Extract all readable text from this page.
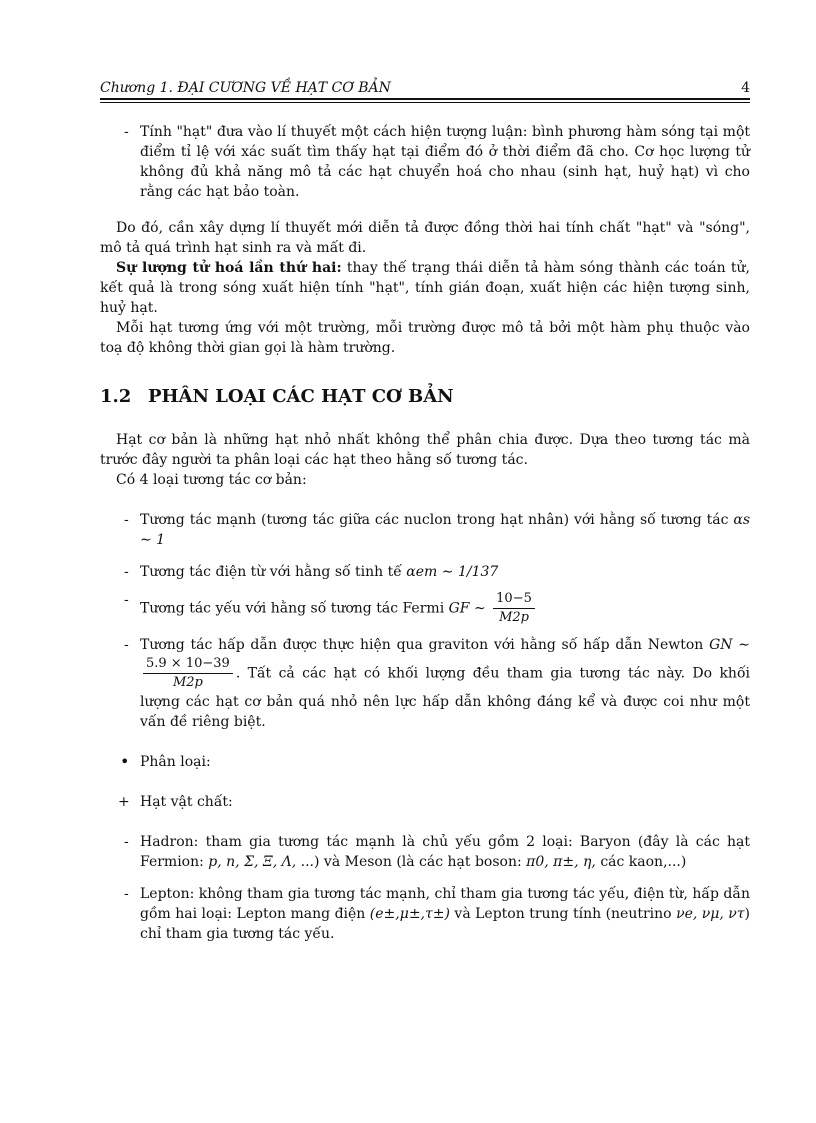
Chương 1. ĐẠI CƯƠNG VỀ HẠT CƠ BẢN	4
- Tính "hạt" đưa vào lí thuyết một cách hiện tượng luận: bình phương hàm sóng tại một điểm tỉ lệ với xác suất tìm thấy hạt tại điểm đó ở thời điểm đã cho. Cơ học lượng tử không đủ khả năng mô tả các hạt chuyển hoá cho nhau (sinh hạt, huỷ hạt) vì cho rằng các hạt bảo toàn.

Do đó, cần xây dựng lí thuyết mới diễn tả được đồng thời hai tính chất "hạt" và "sóng", mô tả quá trình hạt sinh ra và mất đi.

Sự lượng tử hoá lần thứ hai: thay thế trạng thái diễn tả hàm sóng thành các toán tử, kết quả là trong sóng xuất hiện tính "hạt", tính gián đoạn, xuất hiện các hiện tượng sinh, huỷ hạt.

Mỗi hạt tương ứng với một trường, mỗi trường được mô tả bởi một hàm phụ thuộc vào toạ độ không thời gian gọi là hàm trường.

1.2 PHÂN LOẠI CÁC HẠT CƠ BẢN

Hạt cơ bản là những hạt nhỏ nhất không thể phân chia được. Dựa theo tương tác mà trước đây người ta phân loại các hạt theo hằng số tương tác.

Có 4 loại tương tác cơ bản:

- Tương tác mạnh (tương tác giữa các nuclon trong hạt nhân) với hằng số tương tác αs ∼ 1
- Tương tác điện từ với hằng số tinh tế αem ∼ 1/137
-
Tương tác yếu với hằng số tương tác Fermi GF ∼ $\frac{10-5}{M2p}$
- Tương tác hấp dẫn được thực hiện qua graviton với hằng số hấp dẫn Newton GN ∼
$\frac{5.9 \times 10-39}{M2p}$ . Tất cả các hạt có khối lượng đều tham gia tương tác này. Do khối lượng các hạt cơ bản quá nhỏ nên lực hấp dẫn không đáng kể và được coi như một vấn đề riêng biệt.
• Phân loại:
+ Hạt vật chất:
- Hadron: tham gia tương tác mạnh là chủ yếu gồm 2 loại: Baryon (đây là các hạt Fermion: p, n, Σ, Ξ, Λ, ...) và Meson (là các hạt boson: π0, π±, η, các kaon,...)
- Lepton: không tham gia tương tác mạnh, chỉ tham gia tương tác yếu, điện từ, hấp dẫn gồm hai loại: Lepton mang điện (e±,μ±,τ±) và Lepton trung tính (neutrino νe, νμ, ντ) chỉ tham gia tương tác yếu.
